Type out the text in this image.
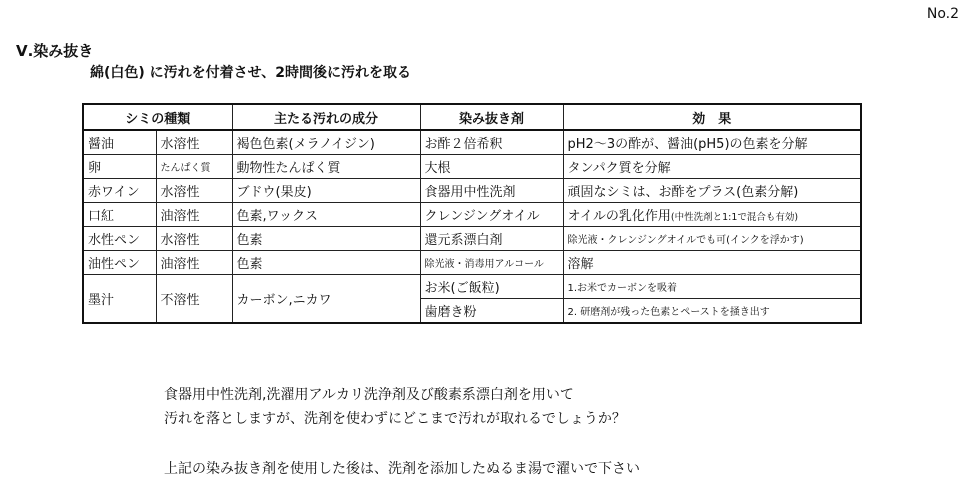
No.2
Ⅴ.染み抜き
綿(白色) に汚れを付着させ、2時間後に汚れを取る
シミの種類		主たる汚れの成分	染み抜き剤	効　果
醤油	水溶性	褐色色素(メラノイジン)	お酢２倍希釈	pH2～3の酢が、醤油(pH5)の色素を分解
卵	たんぱく質	動物性たんぱく質	大根	タンパク質を分解
赤ワイン	水溶性	ブドウ(果皮)	食器用中性洗剤	頑固なシミは、お酢をプラス(色素分解)
口紅	油溶性	色素,ワックス	クレンジングオイル	オイルの乳化作用(中性洗剤と1:1で混合も有効)
水性ペン	水溶性	色素	還元系漂白剤	除光液・クレンジングオイルでも可(インクを浮かす)
油性ペン	油溶性	色素	除光液・消毒用アルコール	溶解
墨汁	不溶性	カーボン,ニカワ	お米(ご飯粒)	1.お米でカーボンを吸着
			歯磨き粉	2. 研磨剤が残った色素とペーストを掻き出す
食器用中性洗剤,洗濯用アルカリ洗浄剤及び酸素系漂白剤を用いて
汚れを落としますが、洗剤を使わずにどこまで汚れが取れるでしょうか？
上記の染み抜き剤を使用した後は、洗剤を添加したぬるま湯で濯いで下さい
